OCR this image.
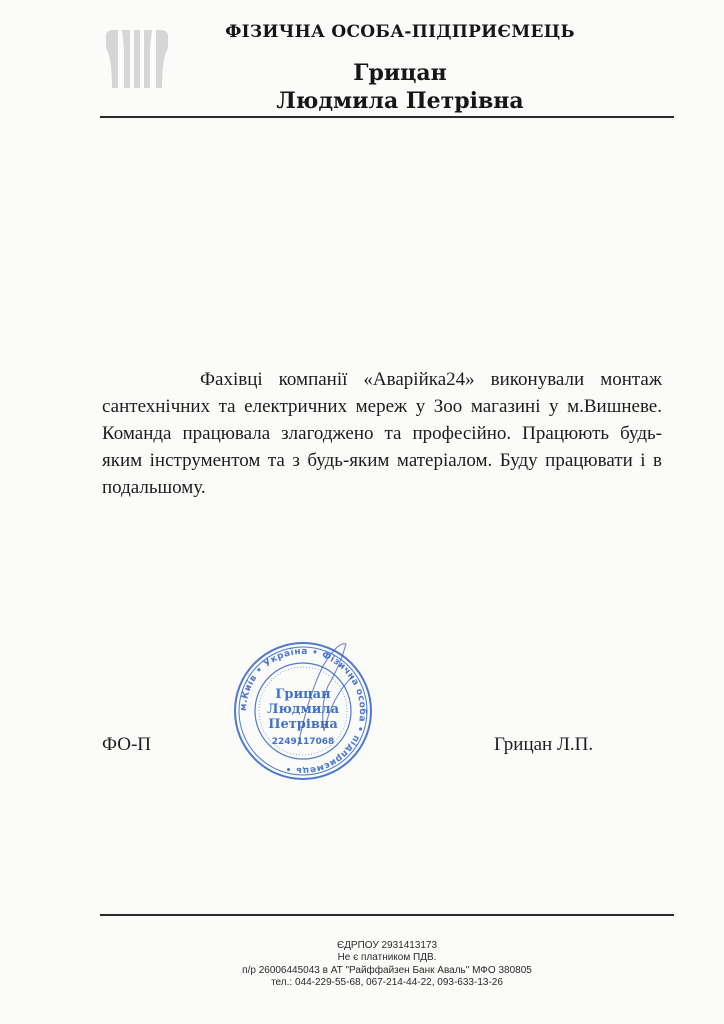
ФІЗИЧНА ОСОБА-ПІДПРИЄМЕЦЬ
Грицан
Людмила Петрівна

Фахівці компанії «Аварійка24» виконували монтаж сантехнічних та електричних мереж у Зоо магазині у м.Вишневе. Команда працювала злагоджено та професійно. Працюють будь-яким інструментом та з будь-яким матеріалом. Буду працювати і в подальшому.

ФО-П
м.Київ • Україна • Фізична особа • підприємець •
Грицан
Людмила
Петрівна
2249117068	Грицан Л.П.
ЄДРПОУ 2931413173
Не є платником ПДВ.
п/р 26006445043 в АТ "Райффайзен Банк Аваль" МФО 380805
тел.: 044-229-55-68, 067-214-44-22, 093-633-13-26
